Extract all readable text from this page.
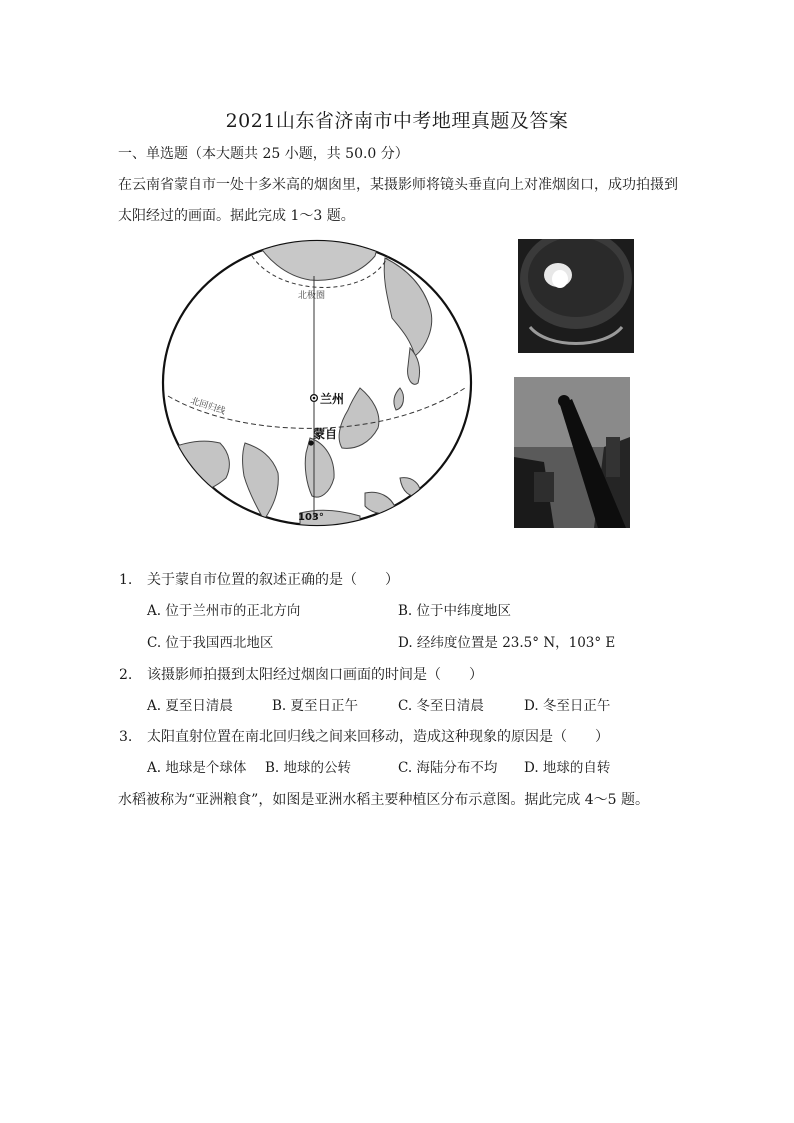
2021山东省济南市中考地理真题及答案
一、单选题（本大题共 25 小题，共 50.0 分）
在云南省蒙自市一处十多米高的烟囱里，某摄影师将镜头垂直向上对准烟囱口，成功拍摄到
太阳经过的画面。据此完成 1～3 题。
北极圈
北回归线	兰州
蒙自
103°
1. 关于蒙自市位置的叙述正确的是（　　）
A. 位于兰州市的正北方向	B. 位于中纬度地区
C. 位于我国西北地区	D. 经纬度位置是 23.5° N，103° E
2. 该摄影师拍摄到太阳经过烟囱口画面的时间是（　　）
A. 夏至日清晨	B. 夏至日正午	C. 冬至日清晨	D. 冬至日正午
3. 太阳直射位置在南北回归线之间来回移动，造成这种现象的原因是（　　）
A. 地球是个球体 B. 地球的公转	C. 海陆分布不均 D. 地球的自转
水稻被称为“亚洲粮食”，如图是亚洲水稻主要种植区分布示意图。据此完成 4～5 题。
